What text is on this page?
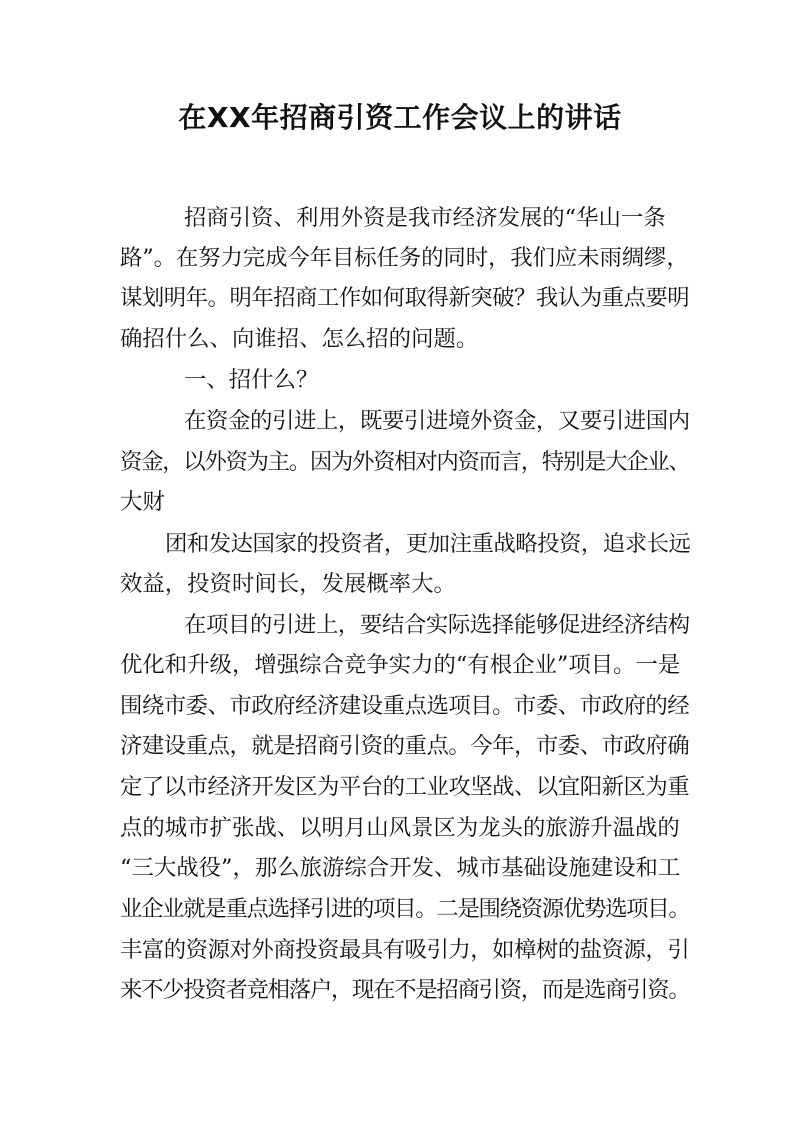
在XX年招商引资工作会议上的讲话
招商引资、利用外资是我市经济发展的“华山一条
路”。在努力完成今年目标任务的同时，我们应未雨绸缪，
谋划明年。明年招商工作如何取得新突破？我认为重点要明
确招什么、向谁招、怎么招的问题。
一、招什么？
在资金的引进上，既要引进境外资金，又要引进国内
资金，以外资为主。因为外资相对内资而言，特别是大企业、
大财
团和发达国家的投资者，更加注重战略投资，追求长远
效益，投资时间长，发展概率大。
在项目的引进上，要结合实际选择能够促进经济结构
优化和升级，增强综合竞争实力的“有根企业”项目。一是
围绕市委、市政府经济建设重点选项目。市委、市政府的经
济建设重点，就是招商引资的重点。今年，市委、市政府确
定了以市经济开发区为平台的工业攻坚战、以宜阳新区为重
点的城市扩张战、以明月山风景区为龙头的旅游升温战的
“三大战役”，那么旅游综合开发、城市基础设施建设和工
业企业就是重点选择引进的项目。二是围绕资源优势选项目。
丰富的资源对外商投资最具有吸引力，如樟树的盐资源，引
来不少投资者竞相落户，现在不是招商引资，而是选商引资。
